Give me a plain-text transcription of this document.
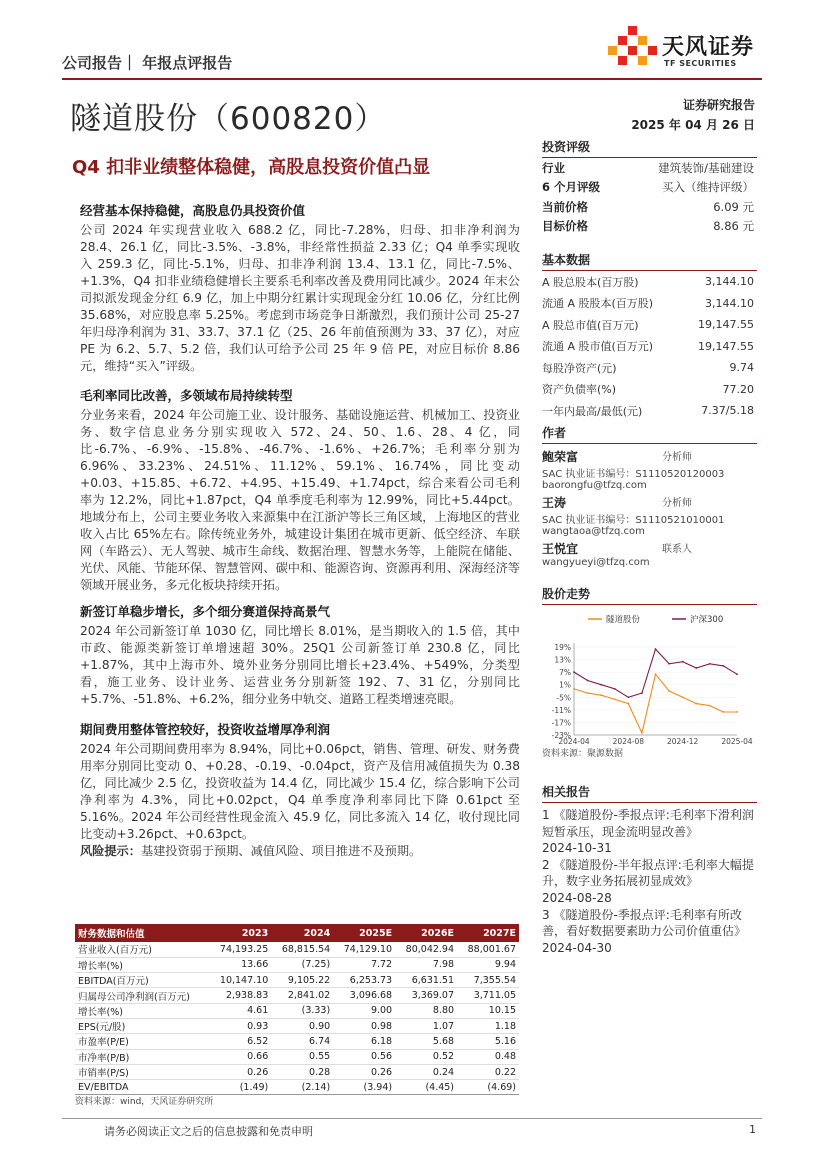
公司报告｜ 年报点评报告
天风证券
TF SECURITIES
隧道股份（600820）	证券研究报告
2025 年 04 月 26 日
Q4 扣非业绩整体稳健，高股息投资价值凸显
经营基本保持稳健，高股息仍具投资价值
公司 2024 年实现营业收入 688.2 亿，同比-7.28%，归母、扣非净利润为 28.4、26.1 亿，同比-3.5%、-3.8%，非经常性损益 2.33 亿；Q4 单季实现收入 259.3 亿，同比-5.1%，归母、扣非净利润 13.4、13.1 亿，同比-7.5%、+1.3%，Q4 扣非业绩稳健增长主要系毛利率改善及费用同比减少。2024 年末公司拟派发现金分红 6.9 亿，加上中期分红累计实现现金分红 10.06 亿，分红比例 35.68%，对应股息率 5.25%。考虑到市场竞争日渐激烈，我们预计公司 25-27 年归母净利润为 31、33.7、37.1 亿（25、26 年前值预测为 33、37 亿），对应 PE 为 6.2、5.7、5.2 倍，我们认可给予公司 25 年 9 倍 PE，对应目标价 8.86 元，维持“买入”评级。
毛利率同比改善，多领域布局持续转型
分业务来看，2024 年公司施工业、设计服务、基础设施运营、机械加工、投资业务、数字信息业务分别实现收入 572、24、50、1.6、28、4 亿，同比-6.7%、-6.9%、-15.8%、-46.7%、-1.6%、+26.7%；毛利率分别为 6.96%、33.23%、24.51%、11.12%、59.1%、16.74%，同比变动+0.03、+15.85、+6.72、+4.95、+15.49、+1.74pct，综合来看公司毛利率为 12.2%，同比+1.87pct，Q4 单季度毛利率为 12.99%，同比+5.44pct。地域分布上，公司主要业务收入来源集中在江浙沪等长三角区域，上海地区的营业收入占比 65%左右。除传统业务外，城建设计集团在城市更新、低空经济、车联网（车路云）、无人驾驶、城市生命线、数据治理、智慧水务等，上能院在储能、光伏、风能、节能环保、智慧管网、碳中和、能源咨询、资源再利用、深海经济等领域开展业务，多元化板块持续开拓。
新签订单稳步增长，多个细分赛道保持高景气
2024 年公司新签订单 1030 亿，同比增长 8.01%，是当期收入的 1.5 倍，其中市政、能源类新签订单增速超 30%。25Q1 公司新签订单 230.8 亿，同比+1.87%，其中上海市外、境外业务分别同比增长+23.4%、+549%，分类型看，施工业务、设计业务、运营业务分别新签 192、7、31 亿，分别同比+5.7%、-51.8%、+6.2%，细分业务中轨交、道路工程类增速亮眼。
期间费用整体管控较好，投资收益增厚净利润
2024 年公司期间费用率为 8.94%，同比+0.06pct，销售、管理、研发、财务费用率分别同比变动 0、+0.28、-0.19、-0.04pct，资产及信用减值损失为 0.38 亿，同比减少 2.5 亿，投资收益为 14.4 亿，同比减少 15.4 亿，综合影响下公司净利率为 4.3%，同比+0.02pct，Q4 单季度净利率同比下降 0.61pct 至 5.16%。2024 年公司经营性现金流入 45.9 亿，同比多流入 14 亿，收付现比同比变动+3.26pct、+0.63pct。
风险提示：基建投资弱于预期、减值风险、项目推进不及预期。
投资评级
行业	建筑装饰/基础建设
6 个月评级	买入（维持评级）
当前价格	6.09 元
目标价格	8.86 元
基本数据
A 股总股本(百万股)	3,144.10
流通 A 股股本(百万股)	3,144.10
A 股总市值(百万元)	19,147.55
流通 A 股市值(百万元)	19,147.55
每股净资产(元)	9.74
资产负债率(%)	77.20
一年内最高/最低(元)	7.37/5.18
作者
鲍荣富	分析师
SAC 执业证书编号：S1110520120003
baorongfu@tfzq.com
王涛	分析师
SAC 执业证书编号：S1110521010001
wangtaoa@tfzq.com
王悦宜	联系人
wangyueyi@tfzq.com
股价走势
隧道股份	沪深300
19%
13%
7%
1%
-5%
-11%
-17%
-23%
2024-04	2024-08	2024-12	2025-04
资料来源：聚源数据
相关报告
1 《隧道股份-季报点评:毛利率下滑利润短暂承压，现金流明显改善》
2024-10-31
2 《隧道股份-半年报点评:毛利率大幅提升，数字业务拓展初显成效》
2024-08-28
3 《隧道股份-季报点评:毛利率有所改善，看好数据要素助力公司价值重估》
2024-04-30
财务数据和估值	2023	2024	2025E	2026E	2027E
营业收入(百万元)	74,193.25	68,815.54	74,129.10	80,042.94	88,001.67
增长率(%)	13.66	(7.25)	7.72	7.98	9.94
EBITDA(百万元)	10,147.10	9,105.22	6,253.73	6,631.51	7,355.54
归属母公司净利润(百万元)	2,938.83	2,841.02	3,096.68	3,369.07	3,711.05
增长率(%)	4.61	(3.33)	9.00	8.80	10.15
EPS(元/股)	0.93	0.90	0.98	1.07	1.18
市盈率(P/E)	6.52	6.74	6.18	5.68	5.16
市净率(P/B)	0.66	0.55	0.56	0.52	0.48
市销率(P/S)	0.26	0.28	0.26	0.24	0.22
EV/EBITDA	(1.49)	(2.14)	(3.94)	(4.45)	(4.69)
资料来源：wind，天风证券研究所
请务必阅读正文之后的信息披露和免责申明	1
